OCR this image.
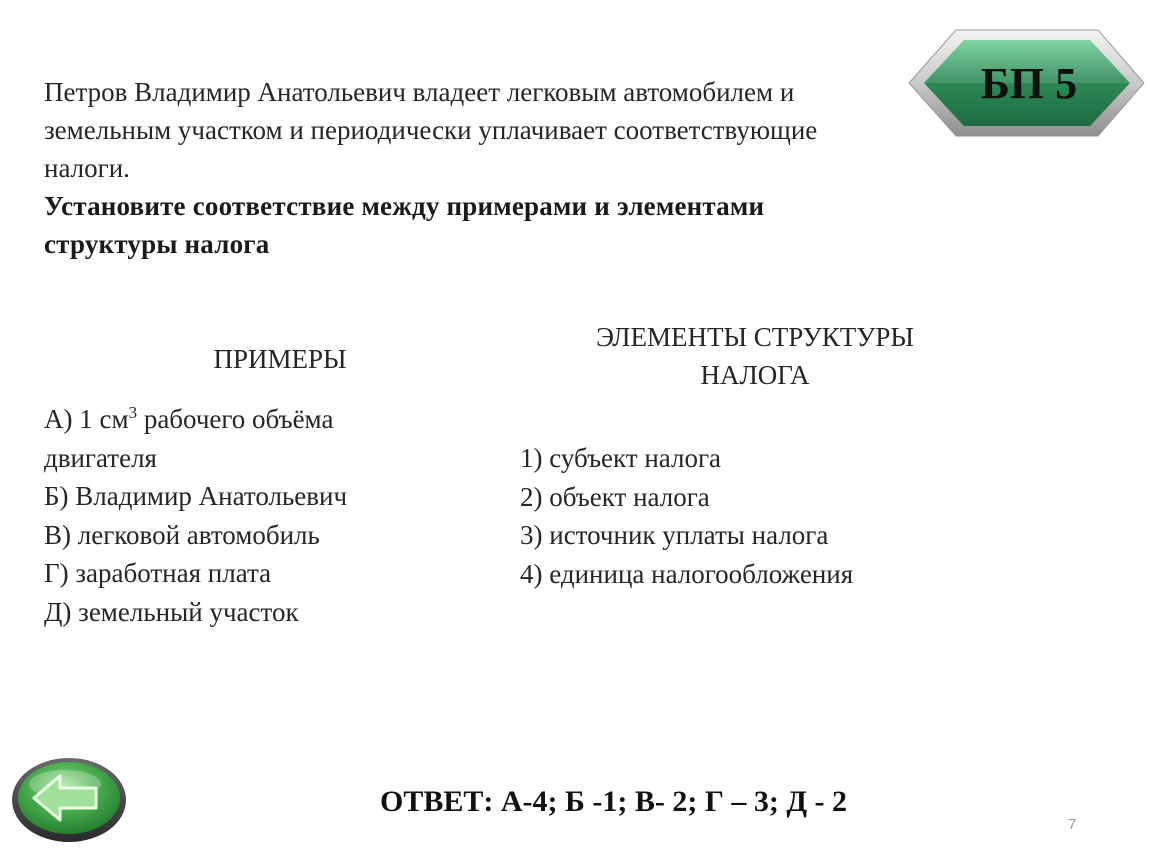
БП 5

Петров Владимир Анатольевич владеет легковым автомобилем и земельным участком и периодически уплачивает соответствующие налоги.

Установите соответствие между примерами и элементами структуры налога

ПРИМЕРЫ
ЭЛЕМЕНТЫ СТРУКТУРЫ НАЛОГА
А) 1 $см^3$ рабочего объёма двигателя
Б) Владимир Анатольевич
В) легковой автомобиль
Г) заработная плата
Д) земельный участок
1) субъект налога
2) объект налога
3) источник уплаты налога
4) единица налогообложения
ОТВЕТ: А-4; Б -1; В- 2; Г – 3; Д - 2
7
